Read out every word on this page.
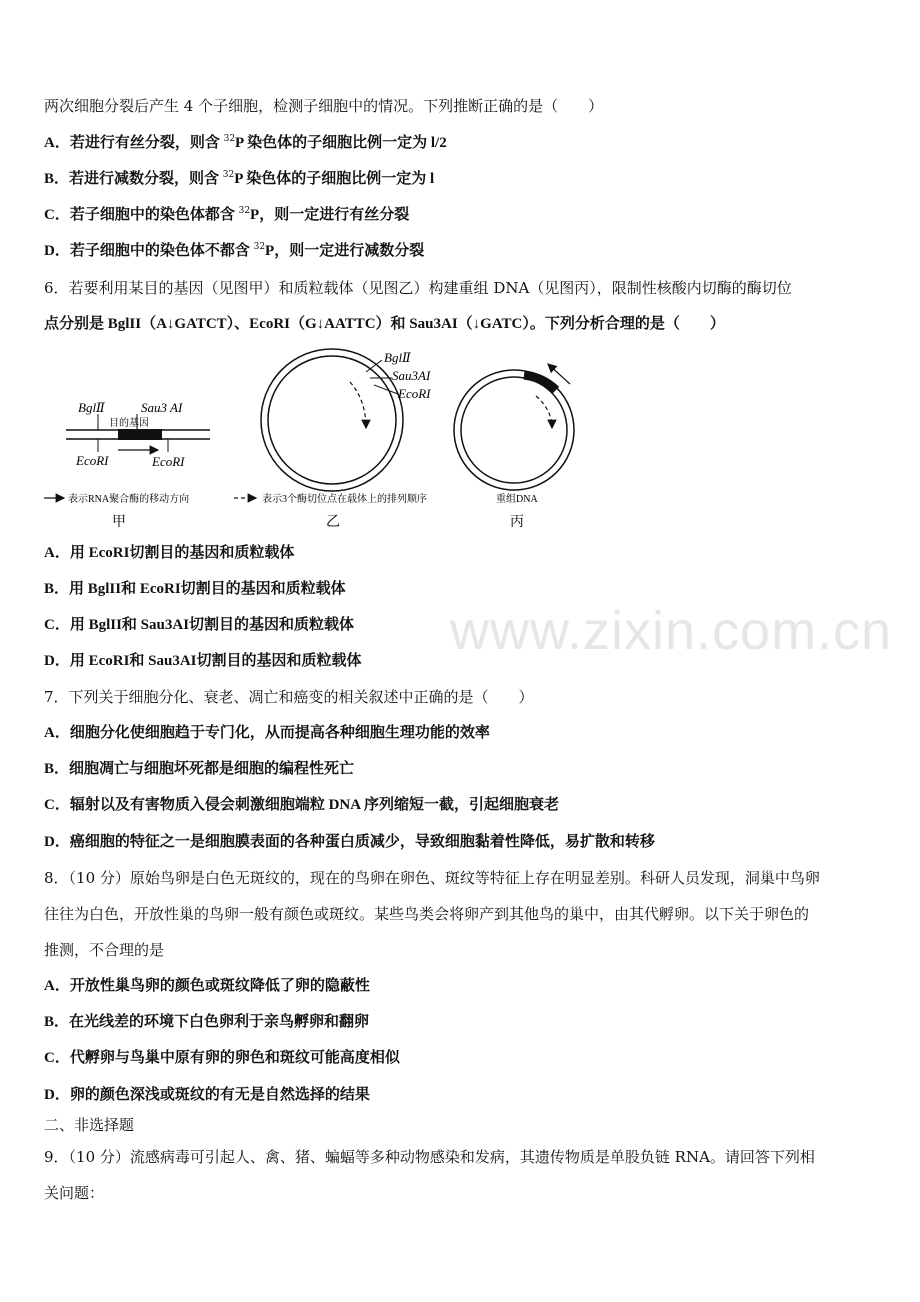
www.zixin.com.cn
两次细胞分裂后产生 4 个子细胞，检测子细胞中的情况。下列推断正确的是（　　）
A．若进行有丝分裂，则含 $^{32}$P 染色体的子细胞比例一定为 l/2
B．若进行减数分裂，则含 $^{32}$P 染色体的子细胞比例一定为 l
C．若子细胞中的染色体都含 $^{32}$P，则一定进行有丝分裂
D．若子细胞中的染色体不都含 $^{32}$P，则一定进行减数分裂
6．若要利用某目的基因（见图甲）和质粒载体（见图乙）构建重组 DNA（见图丙），限制性核酸内切酶的酶切位
点分别是 BglII（A↓GATCT）、EcoRI（G↓AATTC）和 Sau3AI（↓GATC）。下列分析合理的是（　　）
BglⅡ	Sau3 AI
目的基因
EcoRI	EcoRI
表示RNA聚合酶的移动方向
甲
BglⅡ
Sau3AI
EcoRI
表示3个酶切位点在载体上的排列顺序
乙
重组DNA
丙
A．用 EcoRI切割目的基因和质粒载体
B．用 BglII和 EcoRI切割目的基因和质粒载体
C．用 BglII和 Sau3AI切割目的基因和质粒载体
D．用 EcoRI和 Sau3AI切割目的基因和质粒载体
7．下列关于细胞分化、衰老、凋亡和癌变的相关叙述中正确的是（　　）
A．细胞分化使细胞趋于专门化，从而提高各种细胞生理功能的效率
B．细胞凋亡与细胞坏死都是细胞的编程性死亡
C．辐射以及有害物质入侵会刺激细胞端粒 DNA 序列缩短一截，引起细胞衰老
D．癌细胞的特征之一是细胞膜表面的各种蛋白质减少，导致细胞黏着性降低，易扩散和转移
8．（10 分）原始鸟卵是白色无斑纹的，现在的鸟卵在卵色、斑纹等特征上存在明显差别。科研人员发现，洞巢中鸟卵
往往为白色，开放性巢的鸟卵一般有颜色或斑纹。某些鸟类会将卵产到其他鸟的巢中，由其代孵卵。以下关于卵色的
推测，不合理的是
A．开放性巢鸟卵的颜色或斑纹降低了卵的隐蔽性
B．在光线差的环境下白色卵利于亲鸟孵卵和翻卵
C．代孵卵与鸟巢中原有卵的卵色和斑纹可能高度相似
D．卵的颜色深浅或斑纹的有无是自然选择的结果
二、非选择题
9．（10 分）流感病毒可引起人、禽、猪、蝙蝠等多种动物感染和发病，其遗传物质是单股负链 RNA。请回答下列相
关问题：
